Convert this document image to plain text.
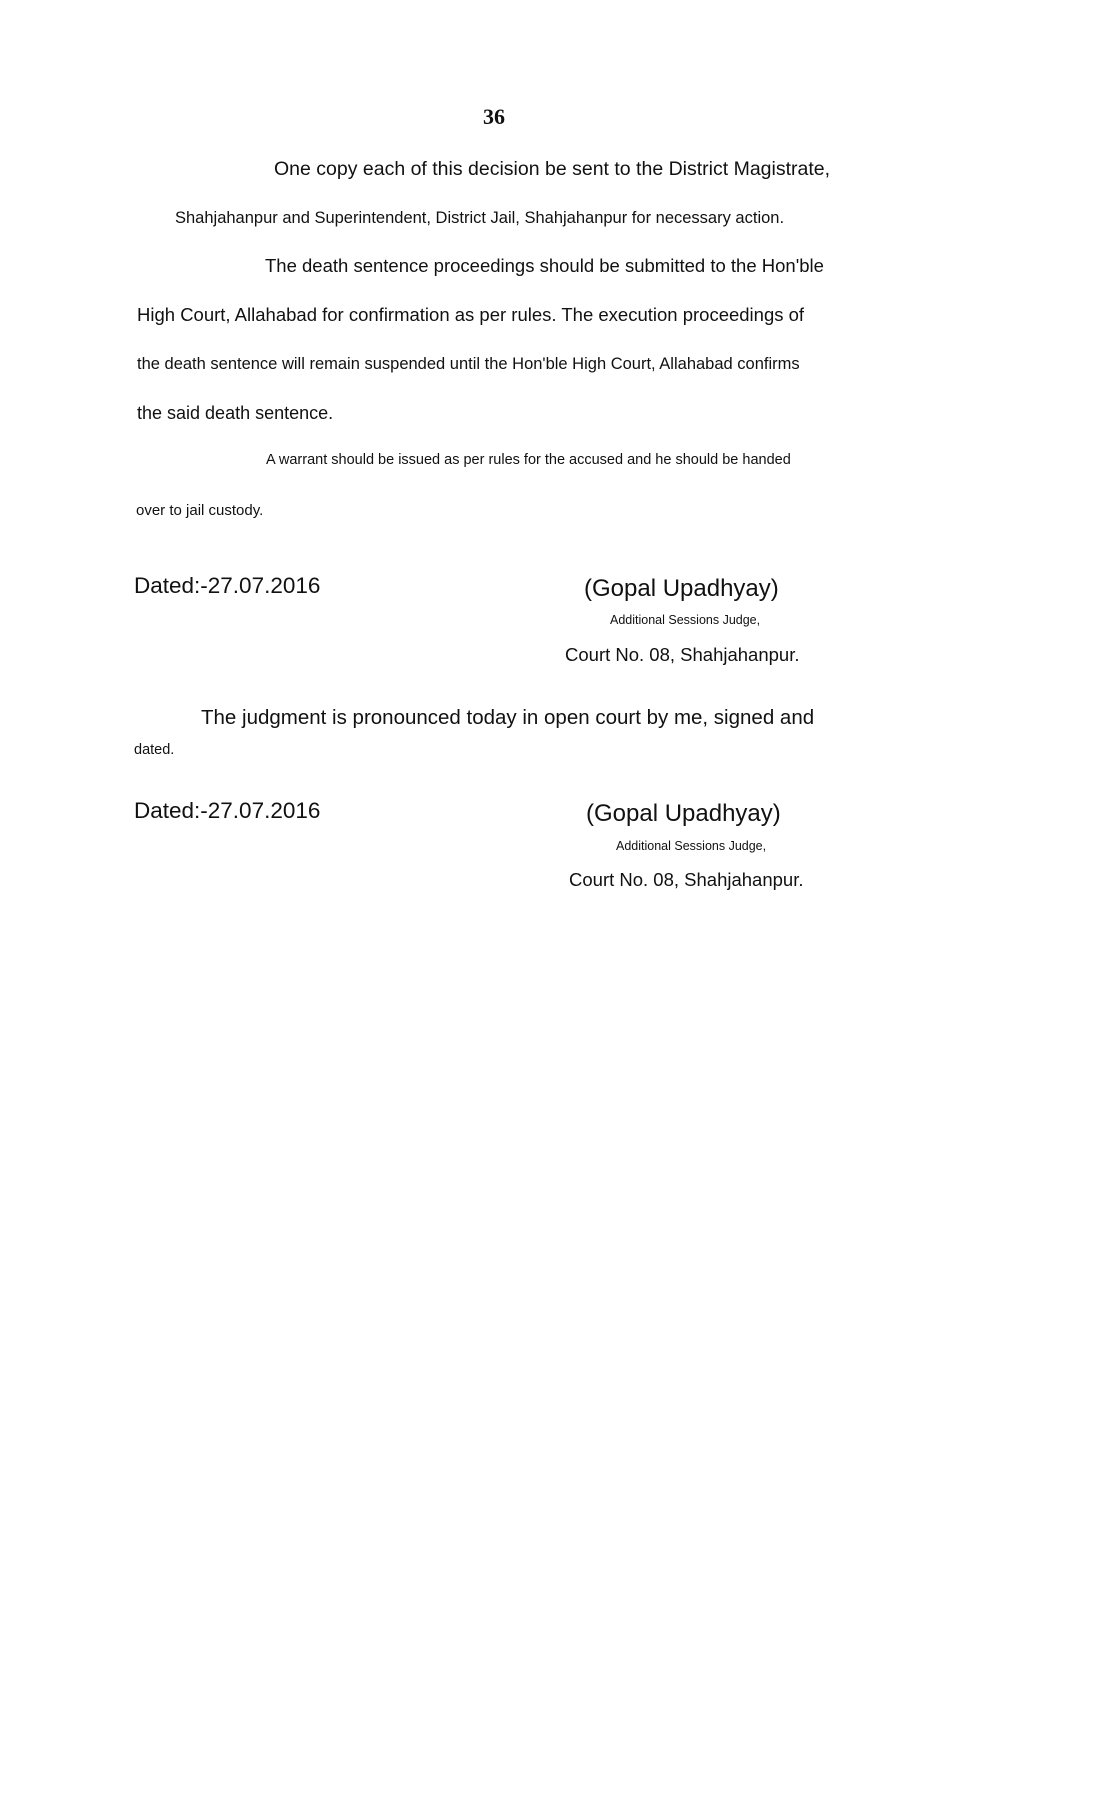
36
One copy each of this decision be sent to the District Magistrate,
Shahjahanpur and Superintendent, District Jail, Shahjahanpur for necessary action.
The death sentence proceedings should be submitted to the Hon'ble
High Court, Allahabad for confirmation as per rules. The execution proceedings of
the death sentence will remain suspended until the Hon'ble High Court, Allahabad confirms
the said death sentence.
A warrant should be issued as per rules for the accused and he should be handed
over to jail custody.
Dated:-27.07.2016	(Gopal Upadhyay)
Additional Sessions Judge,
Court No. 08, Shahjahanpur.
The judgment is pronounced today in open court by me, signed and
dated.
Dated:-27.07.2016	(Gopal Upadhyay)
Additional Sessions Judge,
Court No. 08, Shahjahanpur.
